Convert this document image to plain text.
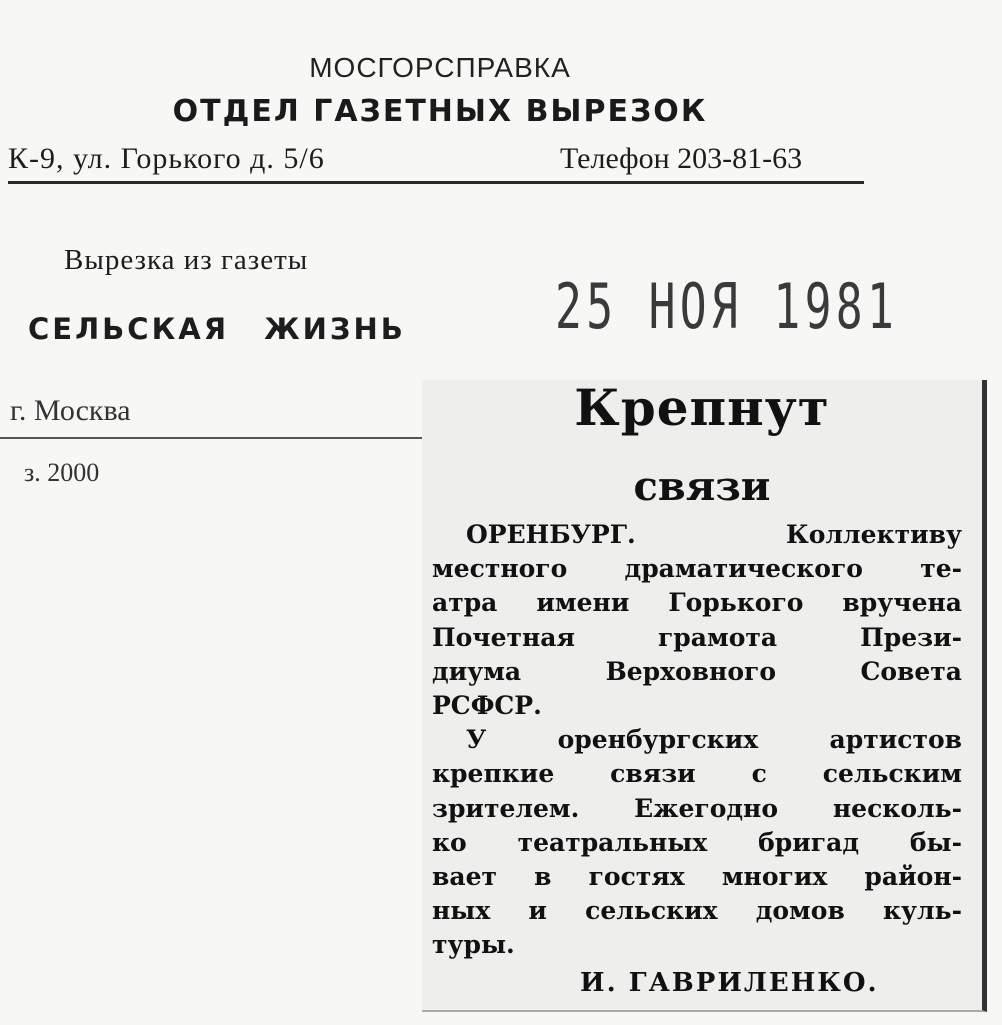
МОСГОРСПРАВКА
ОТДЕЛ ГАЗЕТНЫХ ВЫРЕЗОК
К-9, ул. Горького д. 5/6	Телефон 203-81-63
Вырезка из газеты
СЕЛЬСКАЯ ЖИЗНЬ
г. Москва
з. 2000
25 НОЯ 1981
Крепнут
связи
ОРЕНБУРГ. Коллективу
местного драматического те-
атра имени Горького вручена
Почетная грамота Прези-
диума Верховного Совета
РСФСР.
У оренбургских артистов
крепкие связи с сельским
зрителем. Ежегодно несколь-
ко театральных бригад бы-
вает в гостях многих район-
ных и сельских домов куль-
туры.
И. ГАВРИЛЕНКО.
